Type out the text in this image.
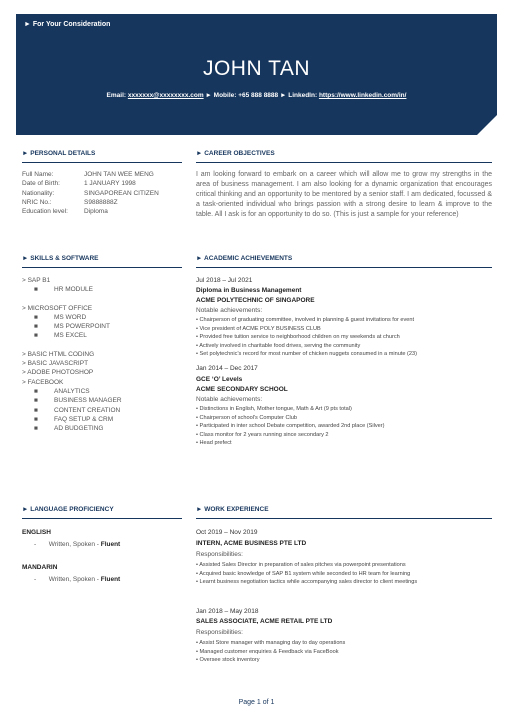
► For Your Consideration
JOHN TAN
Email: xxxxxxx@xxxxxxxx.com ► Mobile: +65 888 8888 ► LinkedIn: https://www.linkedin.com/in/
► PERSONAL DETAILS
Full Name:	JOHN TAN WEE MENG
Date of Birth:	1 JANUARY 1998
Nationality:	SINGAPOREAN CITIZEN
NRIC No.:	S9888888Z
Education level:	Diploma
► CAREER OBJECTIVES
I am looking forward to embark on a career which will allow me to grow my strengths in the area of business management. I am also looking for a dynamic organization that encourages critical thinking and an opportunity to be mentored by a senior staff. I am dedicated, focussed & a task-oriented individual who brings passion with a strong desire to learn & improve to the table. All I ask is for an opportunity to do so. (This is just a sample for your reference)
► SKILLS & SOFTWARE
> SAP B1
■ HR MODULE
> MICROSOFT OFFICE
■ MS WORD
■ MS POWERPOINT
■ MS EXCEL
> BASIC HTML CODING
> BASIC JAVASCRIPT
> ADOBE PHOTOSHOP
> FACEBOOK
■ ANALYTICS
■ BUSINESS MANAGER
■ CONTENT CREATION
■ FAQ SETUP & CRM
■ AD BUDGETING
► ACADEMIC ACHIEVEMENTS
Jul 2018 – Jul 2021
Diploma in Business Management
ACME POLYTECHNIC OF SINGAPORE
Notable achievements:
• Chairperson of graduating committee, involved in planning & guest invitations for event
• Vice president of ACME POLY BUSINESS CLUB
• Provided free tuition service to neighborhood children on my weekends at church
• Actively involved in charitable food drives, serving the community
• Set polytechnic's record for most number of chicken nuggets consumed in a minute (23)
Jan 2014 – Dec 2017
GCE ‘O’ Levels
ACME SECONDARY SCHOOL
Notable achievements:
• Distinctions in English, Mother tongue, Math & Art (9 pts total)
• Chairperson of school's Computer Club
• Participated in inter school Debate competition, awarded 2nd place (Silver)
• Class monitor for 2 years running since secondary 2
• Head prefect
► LANGUAGE PROFICIENCY
ENGLISH
-       Written, Spoken - Fluent
MANDARIN
-       Written, Spoken - Fluent
► WORK EXPERIENCE
Oct 2019 – Nov 2019
INTERN, ACME BUSINESS PTE LTD
Responsibilities:
• Assisted Sales Director in preparation of sales pitches via powerpoint presentations
• Acquired basic knowledge of SAP B1 system while seconded to HR team for learning
• Learnt business negotiation tactics while accompanying sales director to client meetings
Jan 2018 – May 2018
SALES ASSOCIATE, ACME RETAIL PTE LTD
Responsibilities:
• Assist Store manager with managing day to day operations
• Managed customer enquiries & Feedback via FaceBook
• Oversee stock inventory
Page 1 of 1
